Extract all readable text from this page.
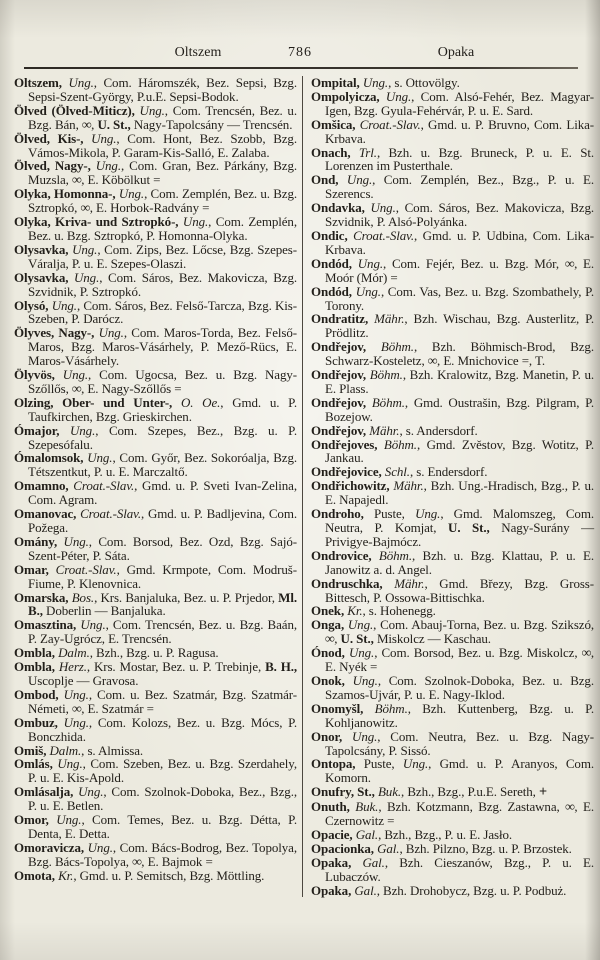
Oltszem	786	Opaka

Oltszem, Ung., Com. Háromszék, Bez. Sepsi, Bzg. Sepsi-Szent-György, P.u.E. Sepsi-Bodok.

Ölved (Ölved-Miticz), Ung., Com. Trencsén, Bez. u. Bzg. Bán, ∞, U. St., Nagy-Tapolcsány — Trencsén.

Ölved, Kis-, Ung., Com. Hont, Bez. Szobb, Bzg. Vámos-Mikola, P. Garam-Kis-Salló, E. Zalaba.

Ölved, Nagy-, Ung., Com. Gran, Bez. Párkány, Bzg. Muzsla, ∞, E. Köbölkut =

Olyka, Homonna-, Ung., Com. Zemplén, Bez. u. Bzg. Sztropkó, ∞, E. Horbok-Radvány =

Olyka, Kriva- und Sztropkó-, Ung., Com. Zemplén, Bez. u. Bzg. Sztropkó, P. Homonna-Olyka.

Olysavka, Ung., Com. Zips, Bez. Lőcse, Bzg. Szepes-Váralja, P. u. E. Szepes-Olaszi.

Olysavka, Ung., Com. Sáros, Bez. Makovicza, Bzg. Szvidnik, P. Sztropkó.

Olysó, Ung., Com. Sáros, Bez. Felső-Tarcza, Bzg. Kis-Szeben, P. Darócz.

Ölyves, Nagy-, Ung., Com. Maros-Torda, Bez. Felső-Maros, Bzg. Maros-Vásárhely, P. Mező-Rücs, E. Maros-Vásárhely.

Ölyvös, Ung., Com. Ugocsa, Bez. u. Bzg. Nagy-Szőllős, ∞, E. Nagy-Szőllős =

Olzing, Ober- und Unter-, O. Oe., Gmd. u. P. Taufkirchen, Bzg. Grieskirchen.

Ómajor, Ung., Com. Szepes, Bez., Bzg. u. P. Szepesófalu.

Ómalomsok, Ung., Com. Győr, Bez. Sokoróalja, Bzg. Tétszentkut, P. u. E. Marczaltő.

Omamno, Croat.-Slav., Gmd. u. P. Sveti Ivan-Zelina, Com. Agram.

Omanovac, Croat.-Slav., Gmd. u. P. Badljevina, Com. Požega.

Omány, Ung., Com. Borsod, Bez. Ozd, Bzg. Sajó-Szent-Péter, P. Sáta.

Omar, Croat.-Slav., Gmd. Krmpote, Com. Modruš-Fiume, P. Klenovnica.

Omarska, Bos., Krs. Banjaluka, Bez. u. P. Prjedor, Ml. B., Doberlin — Banjaluka.

Omasztina, Ung., Com. Trencsén, Bez. u. Bzg. Baán, P. Zay-Ugrócz, E. Trencsén.

Ombla, Dalm., Bzh., Bzg. u. P. Ragusa.

Ombla, Herz., Krs. Mostar, Bez. u. P. Trebinje, B. H., Uscoplje — Gravosa.

Ombod, Ung., Com. u. Bez. Szatmár, Bzg. Szatmár-Németi, ∞, E. Szatmár =

Ombuz, Ung., Com. Kolozs, Bez. u. Bzg. Mócs, P. Bonczhida.

Omiš, Dalm., s. Almissa.

Omlás, Ung., Com. Szeben, Bez. u. Bzg. Szerdahely, P. u. E. Kis-Apold.

Omlásalja, Ung., Com. Szolnok-Doboka, Bez., Bzg., P. u. E. Betlen.

Omor, Ung., Com. Temes, Bez. u. Bzg. Détta, P. Denta, E. Detta.

Omoravicza, Ung., Com. Bács-Bodrog, Bez. Topolya, Bzg. Bács-Topolya, ∞, E. Bajmok =

Omota, Kr., Gmd. u. P. Semitsch, Bzg. Möttling.

Ompital, Ung., s. Ottovölgy.

Ompolyicza, Ung., Com. Alsó-Fehér, Bez. Magyar-Igen, Bzg. Gyula-Fehérvár, P. u. E. Sard.

Omšica, Croat.-Slav., Gmd. u. P. Bruvno, Com. Lika-Krbava.

Onach, Trl., Bzh. u. Bzg. Bruneck, P. u. E. St. Lorenzen im Pusterthale.

Ond, Ung., Com. Zemplén, Bez., Bzg., P. u. E. Szerencs.

Ondavka, Ung., Com. Sáros, Bez. Makovicza, Bzg. Szvidnik, P. Alsó-Polyánka.

Ondic, Croat.-Slav., Gmd. u. P. Udbina, Com. Lika-Krbava.

Ondód, Ung., Com. Fejér, Bez. u. Bzg. Mór, ∞, E. Moór (Mór) =

Ondód, Ung., Com. Vas, Bez. u. Bzg. Szombathely, P. Torony.

Ondratitz, Mähr., Bzh. Wischau, Bzg. Austerlitz, P. Prödlitz.

Ondřejov, Böhm., Bzh. Böhmisch-Brod, Bzg. Schwarz-Kosteletz, ∞, E. Mnichovice =, T.

Ondřejov, Böhm., Bzh. Kralowitz, Bzg. Manetin, P. u. E. Plass.

Ondřejov, Böhm., Gmd. Oustrašin, Bzg. Pilgram, P. Bozejow.

Ondřejov, Mähr., s. Andersdorf.

Ondřejoves, Böhm., Gmd. Zvěstov, Bzg. Wotitz, P. Jankau.

Ondřejovice, Schl., s. Endersdorf.

Ondřichowitz, Mähr., Bzh. Ung.-Hradisch, Bzg., P. u. E. Napajedl.

Ondroho, Puste, Ung., Gmd. Malomszeg, Com. Neutra, P. Komjat, U. St., Nagy-Surány — Privigye-Bajmócz.

Ondrovice, Böhm., Bzh. u. Bzg. Klattau, P. u. E. Janowitz a. d. Angel.

Ondruschka, Mähr., Gmd. Březy, Bzg. Gross-Bittesch, P. Ossowa-Bittischka.

Onek, Kr., s. Hohenegg.

Onga, Ung., Com. Abauj-Torna, Bez. u. Bzg. Szikszó, ∞, U. St., Miskolcz — Kaschau.

Ónod, Ung., Com. Borsod, Bez. u. Bzg. Miskolcz, ∞, E. Nyék =

Onok, Ung., Com. Szolnok-Doboka, Bez. u. Bzg. Szamos-Ujvár, P. u. E. Nagy-Iklod.

Onomyšl, Böhm., Bzh. Kuttenberg, Bzg. u. P. Kohljanowitz.

Onor, Ung., Com. Neutra, Bez. u. Bzg. Nagy-Tapolcsány, P. Sissó.

Ontopa, Puste, Ung., Gmd. u. P. Aranyos, Com. Komorn.

Onufry, St., Buk., Bzh., Bzg., P.u.E. Sereth, +

Onuth, Buk., Bzh. Kotzmann, Bzg. Zastawna, ∞, E. Czernowitz =

Opacie, Gal., Bzh., Bzg., P. u. E. Jasło.

Opacionka, Gal., Bzh. Pilzno, Bzg. u. P. Brzostek.

Opaka, Gal., Bzh. Cieszanów, Bzg., P. u. E. Lubaczów.

Opaka, Gal., Bzh. Drohobycz, Bzg. u. P. Podbuż.
